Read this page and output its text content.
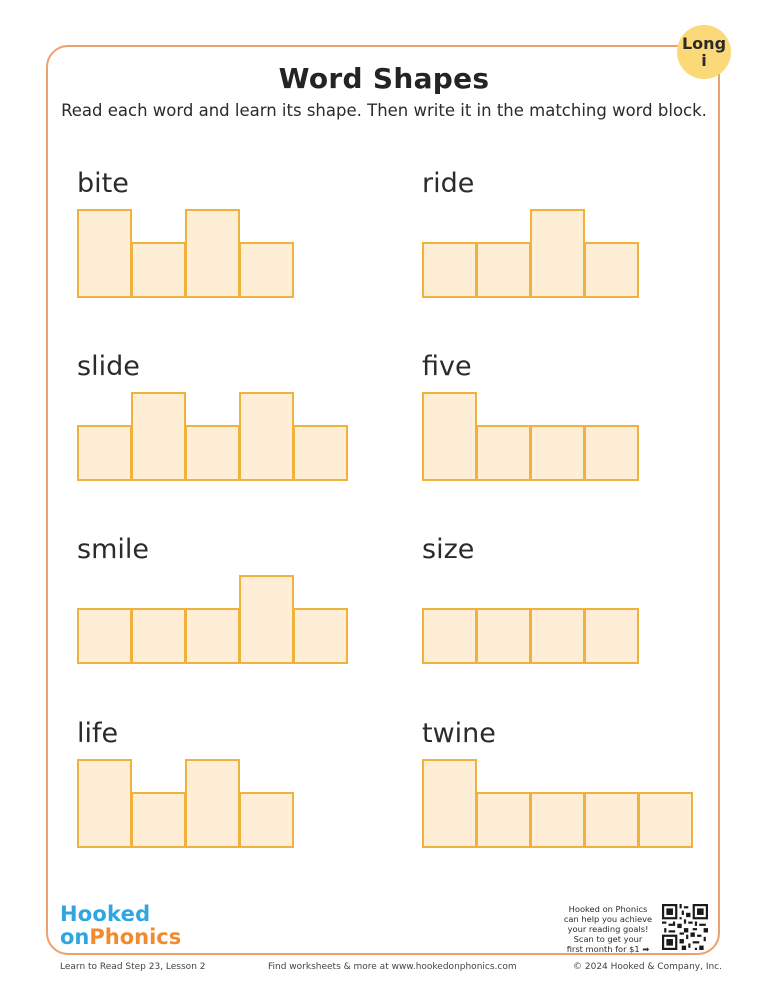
Long
i
Word Shapes
Read each word and learn its shape. Then write it in the matching word block.
bite	ride
slide	five
smile	size
life	twine
Hooked
onPhonics
Hooked on Phonics
can help you achieve
your reading goals!
Scan to get your
first month for $1 ➡
Learn to Read Step 23, Lesson 2	Find worksheets & more at www.hookedonphonics.com	© 2024 Hooked & Company, Inc.
